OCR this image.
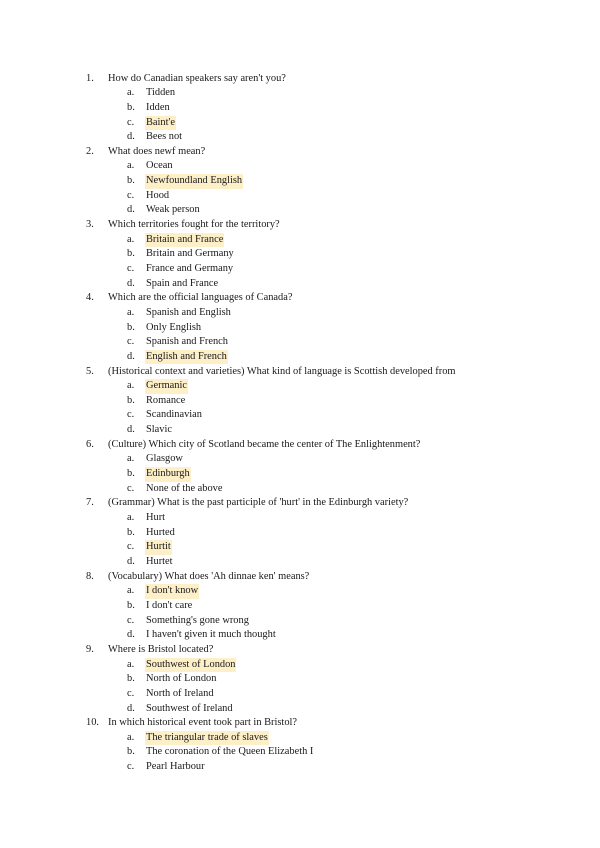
1.	How do Canadian speakers say aren't you?
a. Tidden
b. Idden
c. Baint'e
d. Bees not
2.	What does newf mean?
a. Ocean
b. Newfoundland English
c. Hood
d. Weak person
3.	Which territories fought for the territory?
a. Britain and France
b. Britain and Germany
c. France and Germany
d. Spain and France
4.	Which are the official languages of Canada?
a. Spanish and English
b. Only English
c. Spanish and French
d. English and French
5.	(Historical context and varieties) What kind of language is Scottish developed from
a. Germanic
b. Romance
c. Scandinavian
d. Slavic
6.	(Culture) Which city of Scotland became the center of The Enlightenment?
a. Glasgow
b. Edinburgh
c. None of the above
7.	(Grammar) What is the past participle of 'hurt' in the Edinburgh variety?
a. Hurt
b. Hurted
c. Hurtit
d. Hurtet
8.	(Vocabulary) What does 'Ah dinnae ken' means?
a. I don't know
b. I don't care
c. Something's gone wrong
d. I haven't given it much thought
9.	Where is Bristol located?
a. Southwest of London
b. North of London
c. North of Ireland
d. Southwest of Ireland
10. In which historical event took part in Bristol?
a. The triangular trade of slaves
b. The coronation of the Queen Elizabeth I
c. Pearl Harbour
